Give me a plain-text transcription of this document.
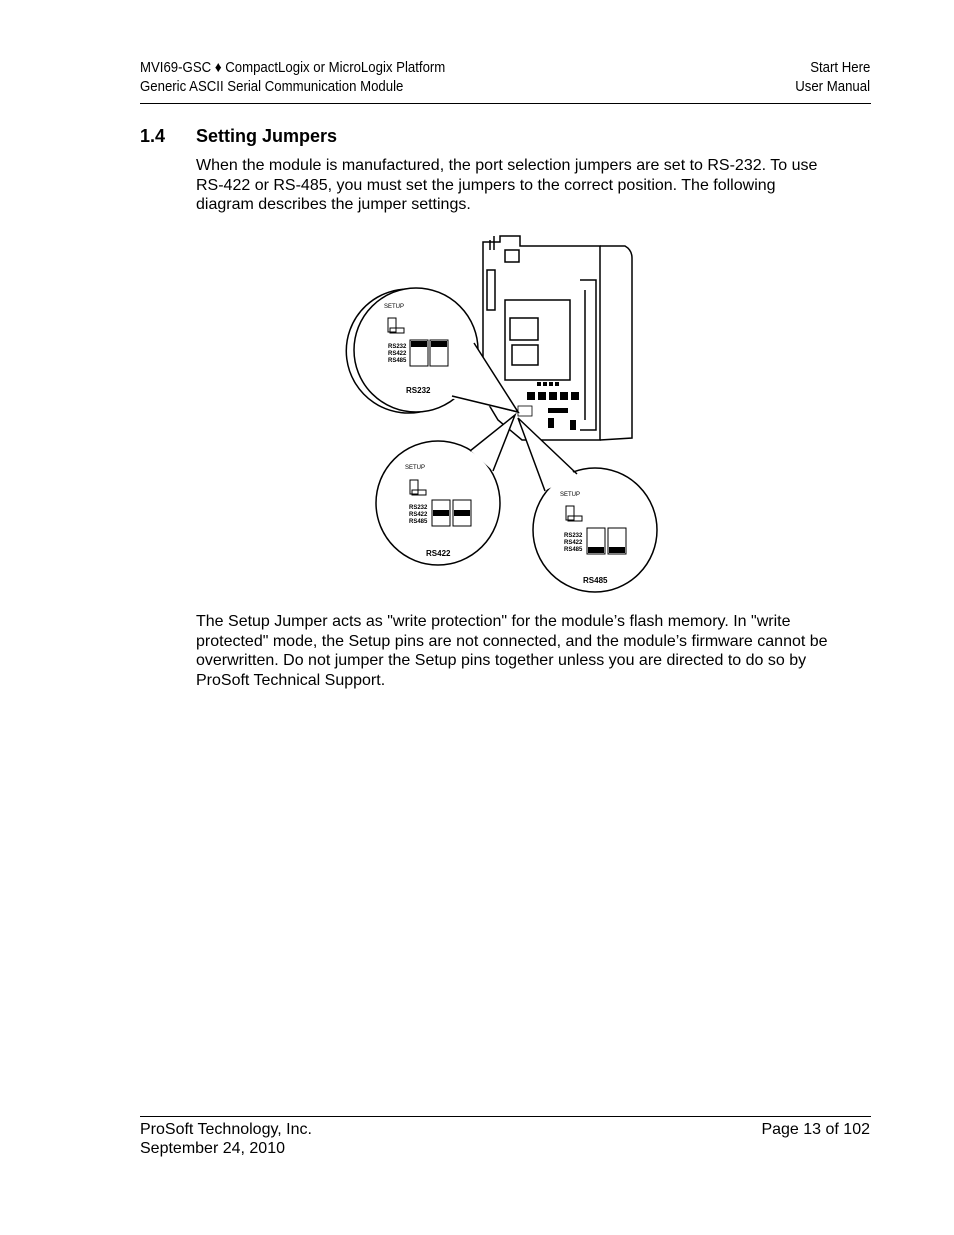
MVI69-GSC ♦ CompactLogix or MicroLogix Platform
Generic ASCII Serial Communication Module
Start Here
User Manual
1.4 Setting Jumpers
When the module is manufactured, the port selection jumpers are set to RS-232. To use RS-422 or RS-485, you must set the jumpers to the correct position. The following diagram describes the jumper settings.
SETUP
RS232
RS422
RS485
RS232
SETUP
RS232
RS422
RS485
RS422
SETUP
RS232
RS422
RS485
RS485
The Setup Jumper acts as "write protection" for the module’s flash memory. In "write protected" mode, the Setup pins are not connected, and the module’s firmware cannot be overwritten. Do not jumper the Setup pins together unless you are directed to do so by ProSoft Technical Support.
ProSoft Technology, Inc.
September 24, 2010
Page 13 of 102
